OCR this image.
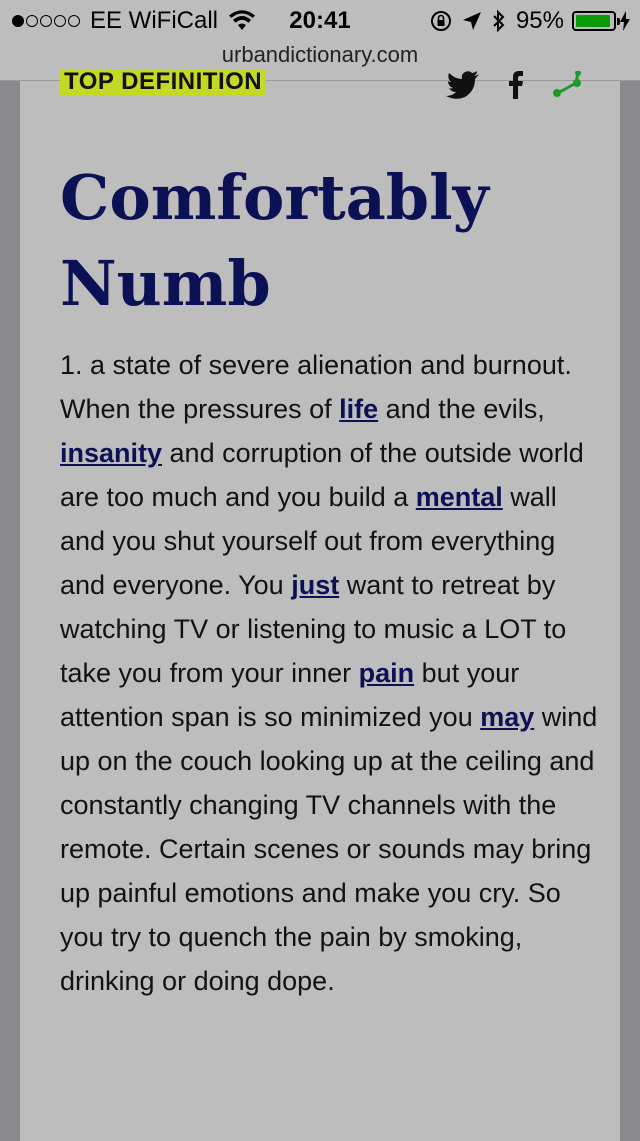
EE WiFiCall	20:41	95%
urbandictionary.com
TOP DEFINITION
Comfortably
Numb

1. a state of severe alienation and burnout. When the pressures of life and the evils, insanity and corruption of the outside world are too much and you build a mental wall and you shut yourself out from everything and everyone. You just want to retreat by watching TV or listening to music a LOT to take you from your inner pain but your attention span is so minimized you may wind up on the couch looking up at the ceiling and constantly changing TV channels with the remote. Certain scenes or sounds may bring up painful emotions and make you cry. So you try to quench the pain by smoking, drinking or doing dope.
